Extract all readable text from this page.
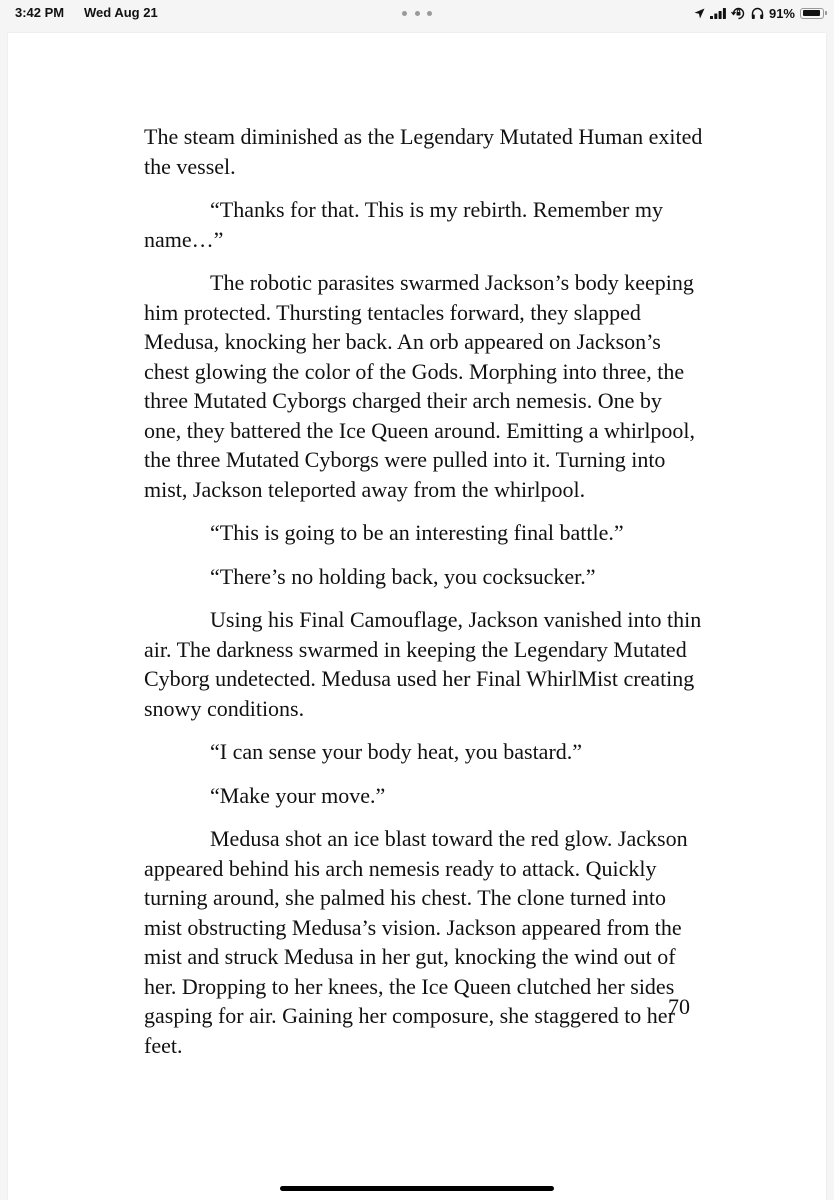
3:42 PM Wed Aug 21	91%

The steam diminished as the Legendary Mutated Human exited the vessel.

“Thanks for that. This is my rebirth. Remember my name…”

The robotic parasites swarmed Jackson’s body keeping him protected. Thursting tentacles forward, they slapped Medusa, knocking her back. An orb appeared on Jackson’s chest glowing the color of the Gods. Morphing into three, the three Mutated Cyborgs charged their arch nemesis. One by one, they battered the Ice Queen around. Emitting a whirlpool, the three Mutated Cyborgs were pulled into it. Turning into mist, Jackson teleported away from the whirlpool.

“This is going to be an interesting final battle.”

“There’s no holding back, you cocksucker.”

Using his Final Camouflage, Jackson vanished into thin air. The darkness swarmed in keeping the Legendary Mutated Cyborg undetected. Medusa used her Final WhirlMist creating snowy conditions.

“I can sense your body heat, you bastard.”

“Make your move.”

Medusa shot an ice blast toward the red glow. Jackson appeared behind his arch nemesis ready to attack. Quickly turning around, she palmed his chest. The clone turned into mist obstructing Medusa’s vision. Jackson appeared from the mist and struck Medusa in her gut, knocking the wind out of her. Dropping to her knees, the Ice Queen clutched her sides gasping for air. Gaining her composure, she staggered to her feet.

70
